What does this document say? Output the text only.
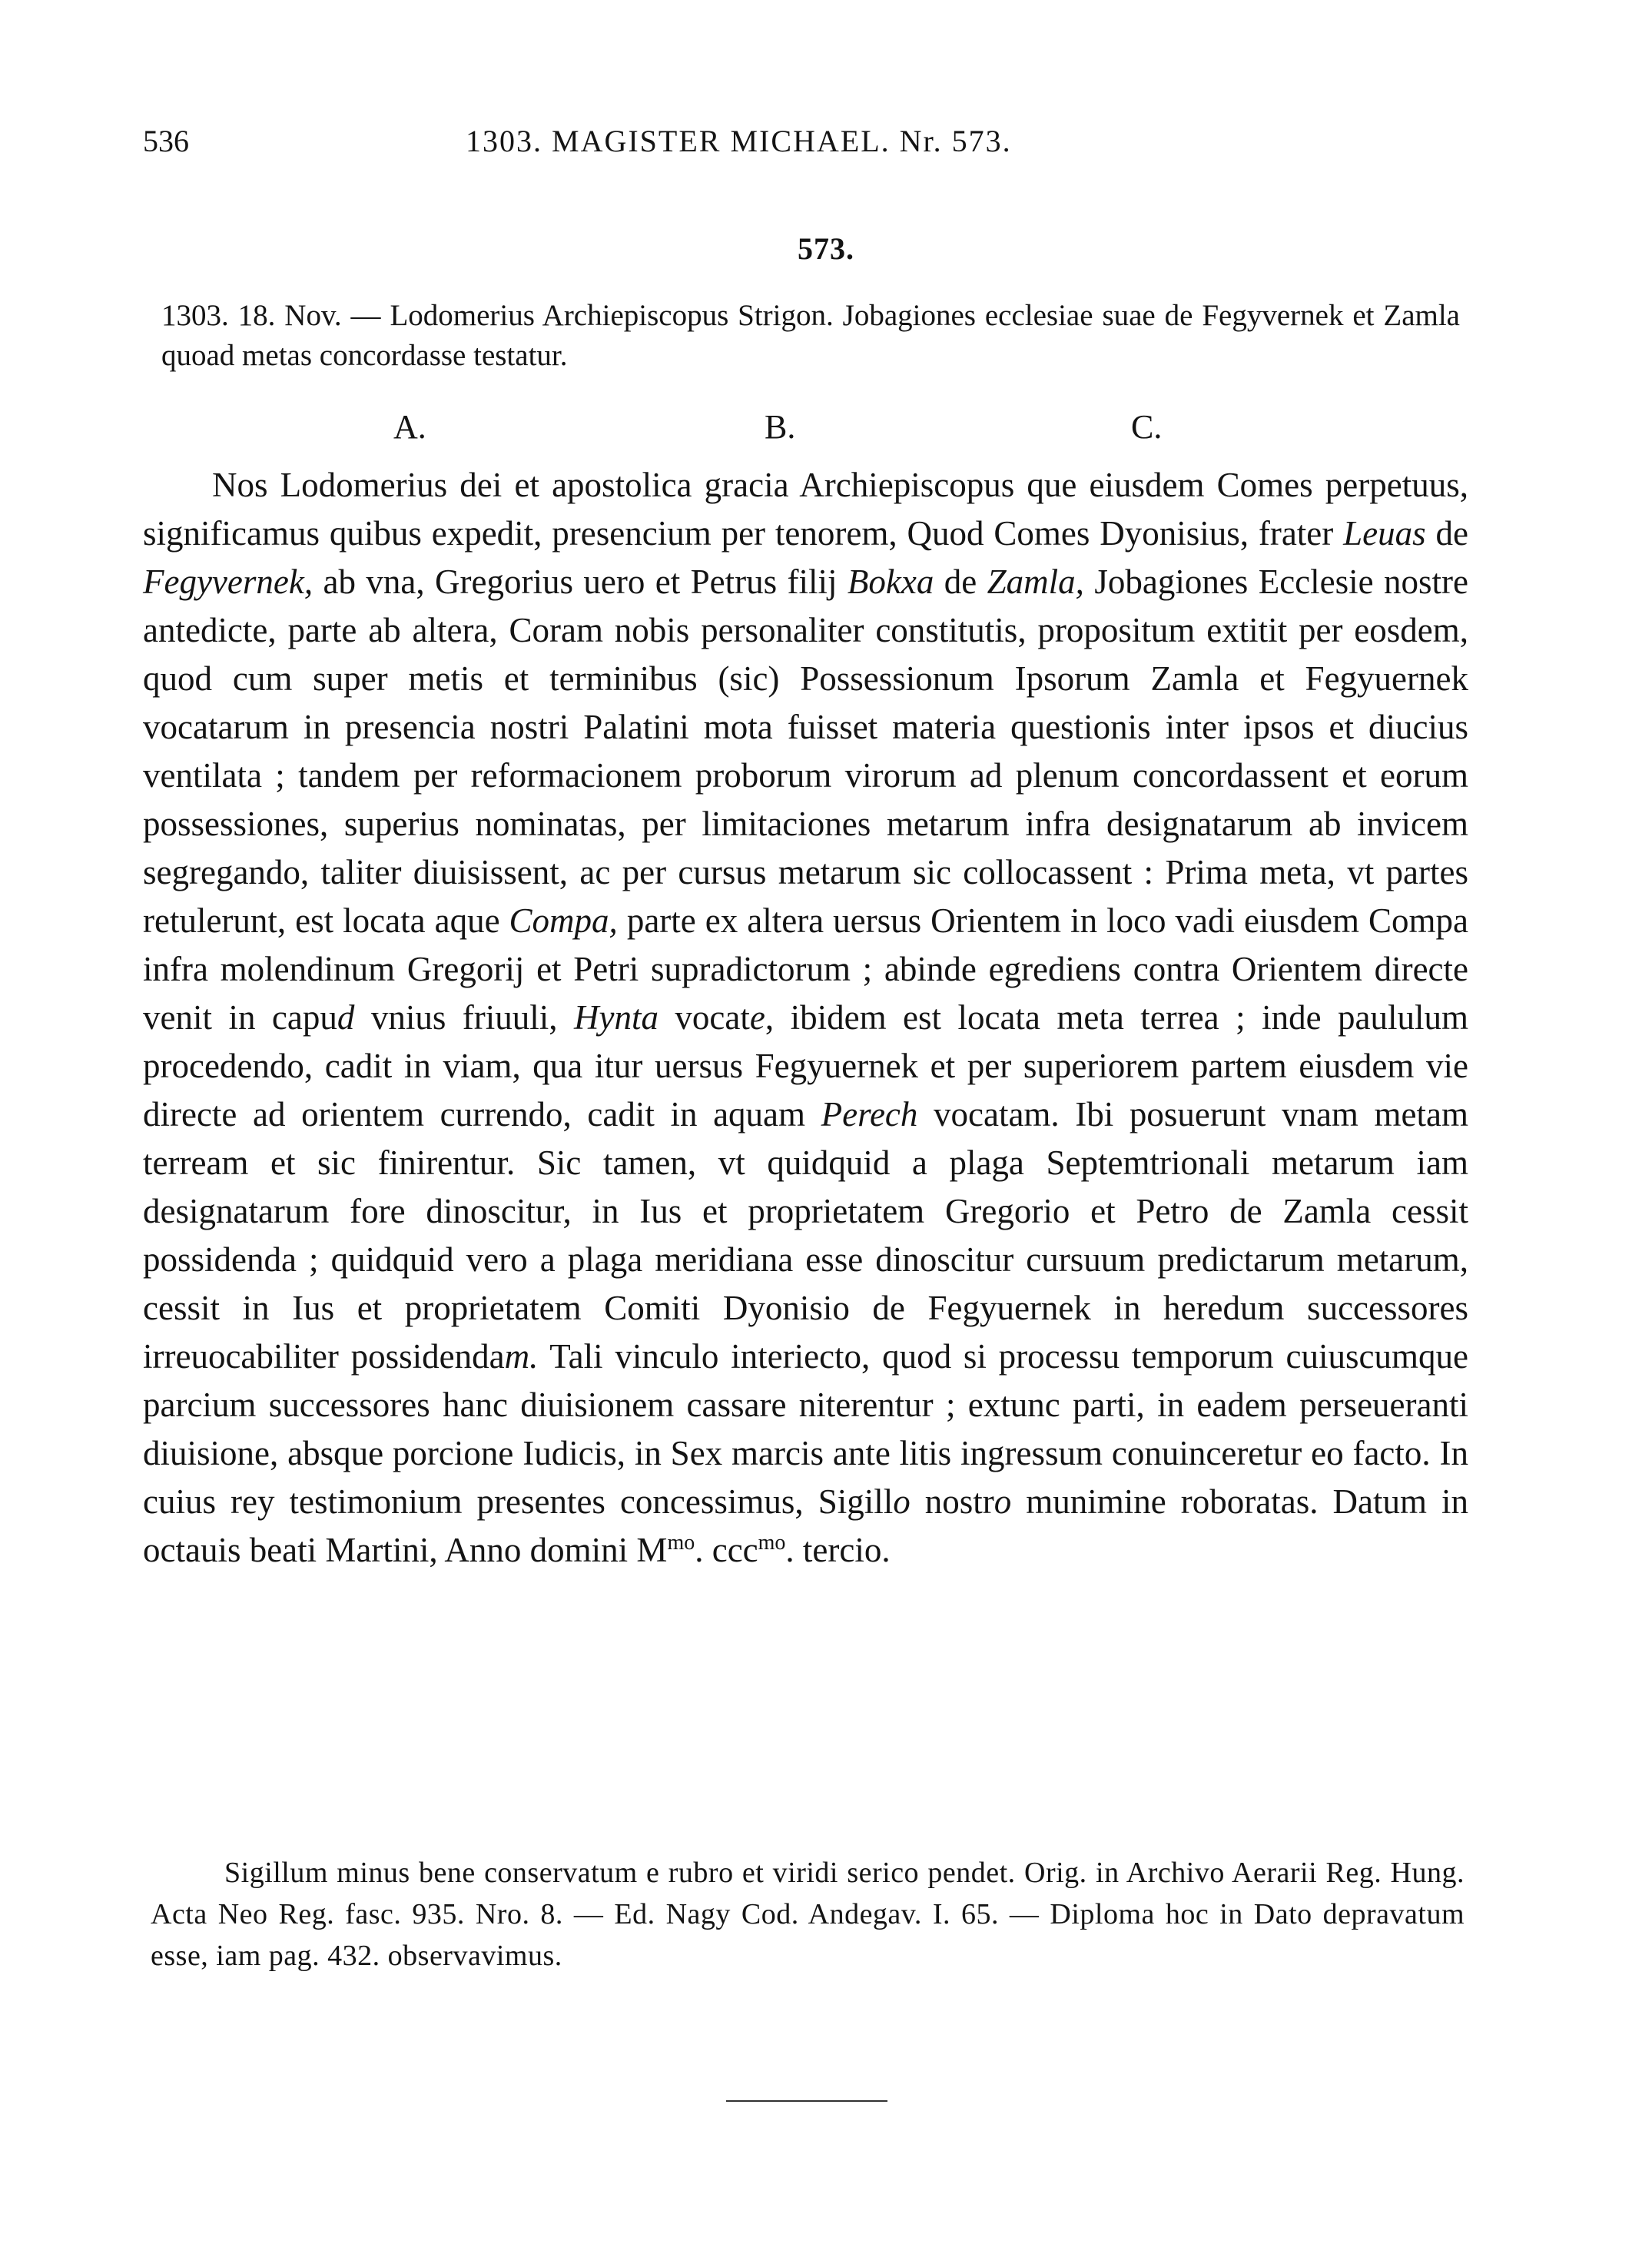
536	1303. MAGISTER MICHAEL. Nr. 573.
573.
1303. 18. Nov. — Lodomerius Archiepiscopus Strigon. Jobagiones ecclesiae suae de Fegyvernek et Zamla quoad metas concordasse testatur.
A.	B.	C.

Nos Lodomerius dei et apostolica gracia Archiepiscopus que eiusdem Comes perpetuus, significamus quibus expedit, presencium per tenorem, Quod Comes Dyonisius, frater Leuas de Fegyvernek, ab vna, Gregorius uero et Petrus filij Bokxa de Zamla, Jobagiones Ecclesie nostre antedicte, parte ab altera, Coram nobis personaliter constitutis, propositum extitit per eosdem, quod cum super metis et terminibus (sic) Possessionum Ipsorum Zamla et Fegyuernek vocatarum in presencia nostri Palatini mota fuisset materia questionis inter ipsos et diucius ventilata ; tandem per reformacionem proborum virorum ad plenum concordassent et eorum possessiones, superius nominatas, per limitaciones metarum infra designatarum ab invicem segregando, taliter diuisissent, ac per cursus metarum sic collocassent : Prima meta, vt partes retulerunt, est locata aque Compa, parte ex altera uersus Orientem in loco vadi eiusdem Compa infra molendinum Gregorij et Petri supradictorum ; abinde egrediens contra Orientem directe venit in capud vnius friuuli, Hynta vocate, ibidem est locata meta terrea ; inde paululum procedendo, cadit in viam, qua itur uersus Fegyuernek et per superiorem partem eiusdem vie directe ad orientem currendo, cadit in aquam Perech vocatam. Ibi posuerunt vnam metam terream et sic finirentur. Sic tamen, vt quidquid a plaga Septemtrionali metarum iam designatarum fore dinoscitur, in Ius et proprietatem Gregorio et Petro de Zamla cessit possidenda ; quidquid vero a plaga meridiana esse dinoscitur cursuum predictarum metarum, cessit in Ius et proprietatem Comiti Dyonisio de Fegyuernek in heredum successores irreuocabiliter possidendam. Tali vinculo interiecto, quod si processu temporum cuiuscumque parcium successores hanc diuisionem cassare niterentur ; extunc parti, in eadem perseueranti diuisione, absque porcione Iudicis, in Sex marcis ante litis ingressum conuinceretur eo facto. In cuius rey testimonium presentes concessimus, Sigillo nostro munimine roboratas. Datum in octauis beati Martini, Anno domini $M^{mo}$. ccc$^{mo}$. tercio.

Sigillum minus bene conservatum e rubro et viridi serico pendet. Orig. in Archivo Aerarii Reg. Hung. Acta Neo Reg. fasc. 935. Nro. 8. — Ed. Nagy Cod. Andegav. I. 65. — Diploma hoc in Dato depravatum esse, iam pag. 432. observavimus.
